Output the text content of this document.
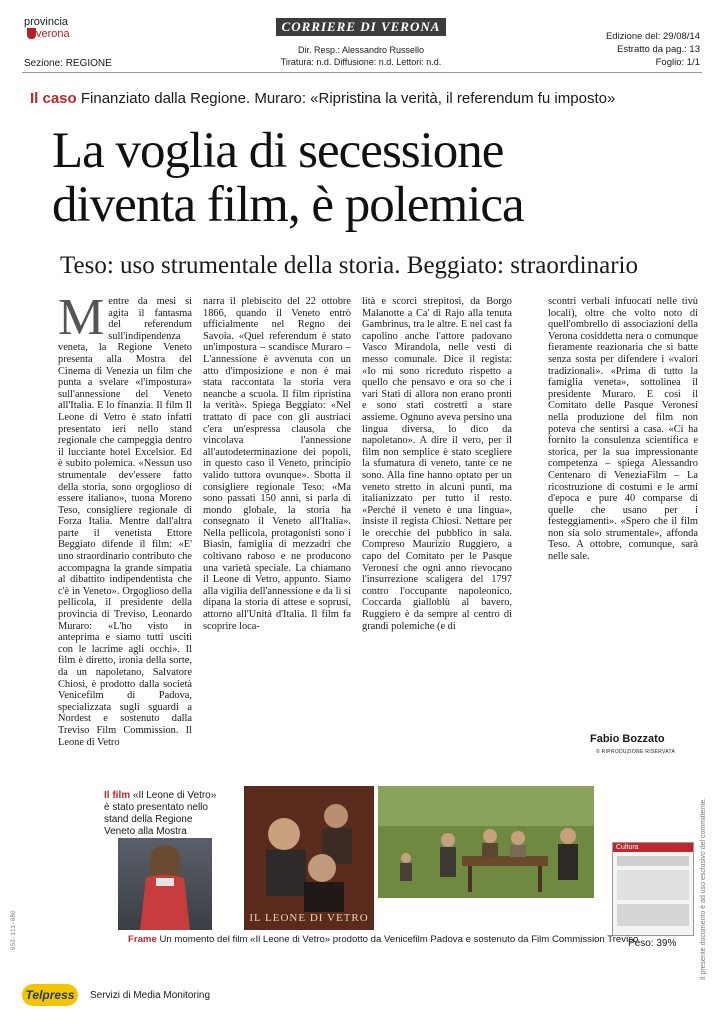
provincia
verona
Sezione: REGIONE
CORRIERE DI VERONA
Dir. Resp.: Alessandro Russello
Tiratura: n.d. Diffusione: n.d. Lettori: n.d.
Edizione del: 29/08/14
Estratto da pag.: 13
Foglio: 1/1
Il caso Finanziato dalla Regione. Muraro: «Ripristina la verità, il referendum fu imposto»
La voglia di secessione
diventa film, è polemica
Teso: uso strumentale della storia. Beggiato: straordinario
M entre da mesi si agita il fantasma del referendum sull'indipendenza veneta, la Regione Veneto presenta alla Mostra del Cinema di Venezia un film che punta a svelare «l'impostura» sull'annessione del Veneto all'Italia. E lo finanzia. Il film Il Leone di Vetro è stato infatti presentato ieri nello stand regionale che campeggia dentro il lucciante hotel Excelsior. Ed è subito polemica. «Nessun uso strumentale dev'essere fatto della storia, sono orgoglioso di essere italiano», tuona Moreno Teso, consigliere regionale di Forza Italia. Mentre dall'altra parte il venetista Ettore Beggiato difende il film: «E' uno straordinario contributo che accompagna la grande simpatia al dibattito indipendentista che c'è in Veneto». Orgoglioso della pellicola, il presidente della provincia di Treviso, Leonardo Muraro: «L'ho visto in anteprima e siamo tutti usciti con le lacrime agli occhi». Il film è diretto, ironia della sorte, da un napoletano, Salvatore Chiosi, è prodotto dalla società Venicefilm di Padova, specializzata sugli sguardi a Nordest e sostenuto dalla Treviso Film Commission. Il Leone di Vetro

narra il plebiscito del 22 ottobre 1866, quando il Veneto entrò ufficialmente nel Regno dei Savoia. «Quel referendum è stato un'impostura – scandisce Muraro – L'annessione è avvenuta con un atto d'imposizione e non è mai stata raccontata la storia vera neanche a scuola. Il film ripristina la verità». Spiega Beggiato: «Nel trattato di pace con gli austriaci c'era un'espressa clausola che vincolava l'annessione all'autodeterminazione dei popoli, in questo caso il Veneto, principio valido tuttora ovunque». Sbotta il consigliere regionale Teso: «Ma sono passati 150 anni, si parla di mondo globale, la storia ha consegnato il Veneto all'Italia». Nella pellicola, protagonisti sono i Biasin, famiglia di mezzadri che coltivano raboso e ne producono una varietà speciale. La chiamano il Leone di Vetro, appunto. Siamo alla vigilia dell'annessione e da lì si dipana la storia di attese e soprusi, attorno all'Unità d'Italia. Il film fa scoprire loca-

lità e scorci strepitosi, da Borgo Malanotte a Ca' di Rajo alla tenuta Gambrinus, tra le altre. E nel cast fa capolino anche l'attore padovano Vasco Mirandola, nelle vesti di messo comunale. Dice il regista: «Io mi sono ricreduto rispetto a quello che pensavo e ora so che i vari Stati di allora non erano pronti e sono stati costretti a stare assieme. Ognuno aveva persino una lingua diversa, lo dico da napoletano». A dire il vero, per il film non semplice è stato scegliere la sfumatura di veneto, tante ce ne sono. Alla fine hanno optato per un veneto stretto in alcuni punti, ma italianizzato per tutto il resto. «Perché il veneto è una lingua», insiste il regista Chiosi. Nettare per le orecchie del pubblico in sala. Compreso Maurizio Ruggiero, a capo del Comitato per le Pasque Veronesi che ogni anno rievocano l'insurrezione scaligera del 1797 contro l'occupante napoleonico. Coccarda gialloblù al bavero, Ruggiero è da sempre al centro di grandi polemiche (e di

scontri verbali infuocati nelle tivù locali), oltre che volto noto di quell'ombrello di associazioni della Verona cosiddetta nera o comunque fieramente reazionaria che si batte senza sosta per difendere i «valori tradizionali». «Prima di tutto la famiglia veneta», sottolinea il presidente Muraro. E così il Comitato delle Pasque Veronesi nella produzione del film non poteva che sentirsi a casa. «Ci ha fornito la consulenza scientifica e storica, per la sua impressionante competenza – spiega Alessandro Centenaro di VeneziaFilm – La ricostruzione di costumi e le armi d'epoca e pure 40 comparse di quelle che usano per i festeggiamenti». «Spero che il film non sia solo strumentale», affonda Teso. A ottobre, comunque, sarà nelle sale.

Fabio Bozzato
© RIPRODUZIONE RISERVATA
Il film «Il Leone di Vetro» è stato presentato nello stand della Regione Veneto alla Mostra
IL LEONE DI VETRO
Cultura
Frame Un momento del film «Il Leone di Vetro» prodotto da Venicefilm Padova e sostenuto da Film Commission Treviso
Peso: 39%	Il presente documento è ad uso esclusivo del committente.
052-111-080
Telpress	Servizi di Media Monitoring
